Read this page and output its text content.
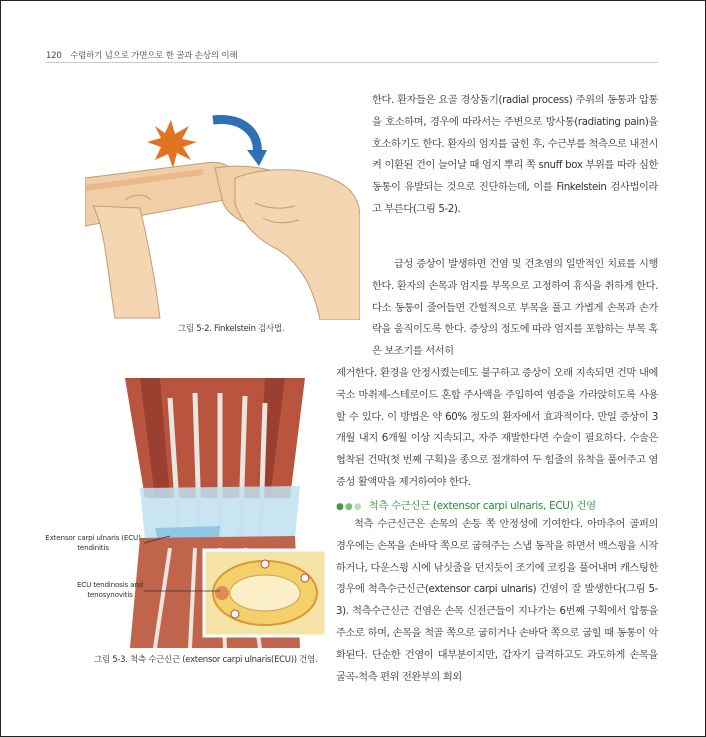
120 수렴하기 넘으로 가면으로 한 골과 손상의 이해
그림 5-2. Finkelstein 검사법.
Extensor carpi ulnaris (ECU) tendinitis
ECU tendinosis and tenosynovitis
그림 5-3. 척측 수근신근 (extensor carpi ulnaris(ECU)) 건염.
한다. 환자들은 요골 경상돌기(radial process) 주위의 동통과 압통을 호소하며, 경우에 따라서는 주변으로 방사통(radiating pain)을 호소하기도 한다. 환자의 엄지를 굽힌 후, 수근부를 척측으로 내전시켜 이환된 건이 늘어날 때 엄지 뿌리 쪽 snuff box 부위를 따라 심한 동통이 유발되는 것으로 진단하는데, 이를 Finkelstein 검사법이라고 부른다(그림 5-2).
급성 증상이 발생하면 건염 및 건초염의 일반적인 치료를 시행한다. 환자의 손목과 엄지를 부목으로 고정하여 휴식을 취하게 한다. 다소 동통이 줄어들면 간헐적으로 부목을 풀고 가볍게 손목과 손가락을 움직이도록 한다. 증상의 정도에 따라 엄지를 포함하는 부목 혹은 보조기를 서서히
제거한다. 환경을 안정시켰는데도 불구하고 증상이 오래 지속되면 건막 내에 국소 마취제-스테로이드 혼합 주사액을 주입하여 염증을 가라앉히도록 사용할 수 있다. 이 방법은 약 60% 정도의 환자에서 효과적이다. 만일 증상이 3개월 내지 6개월 이상 지속되고, 자주 재발한다면 수술이 필요하다. 수술은 협착된 건막(첫 번째 구획)을 종으로 절개하여 두 힘줄의 유착을 풀어주고 염증성 활액막을 제거하여야 한다.
●●● 척측 수근신근 (extensor carpi ulnaris, ECU) 건염
척측 수근신근은 손목의 손등 쪽 안정성에 기여한다. 아마추어 골퍼의 경우에는 손목을 손바닥 쪽으로 굽혀주는 스냅 동작을 하면서 백스윙을 시작하거나, 다운스윙 시에 낚싯줄을 던지듯이 조기에 코킹을 풀어내며 캐스팅한 경우에 척측수근신근(extensor carpi ulnaris) 건염이 잘 발생한다(그림 5-3). 척측수근신근 건염은 손목 신전근들이 지나가는 6번째 구획에서 압통을 주소로 하며, 손목을 척골 쪽으로 굽히거나 손바닥 쪽으로 굽힐 때 동통이 악화된다. 단순한 건염이 대부분이지만, 갑자기 급격하고도 과도하게 손목을 굴곡-척측 편위 전완부의 회외
